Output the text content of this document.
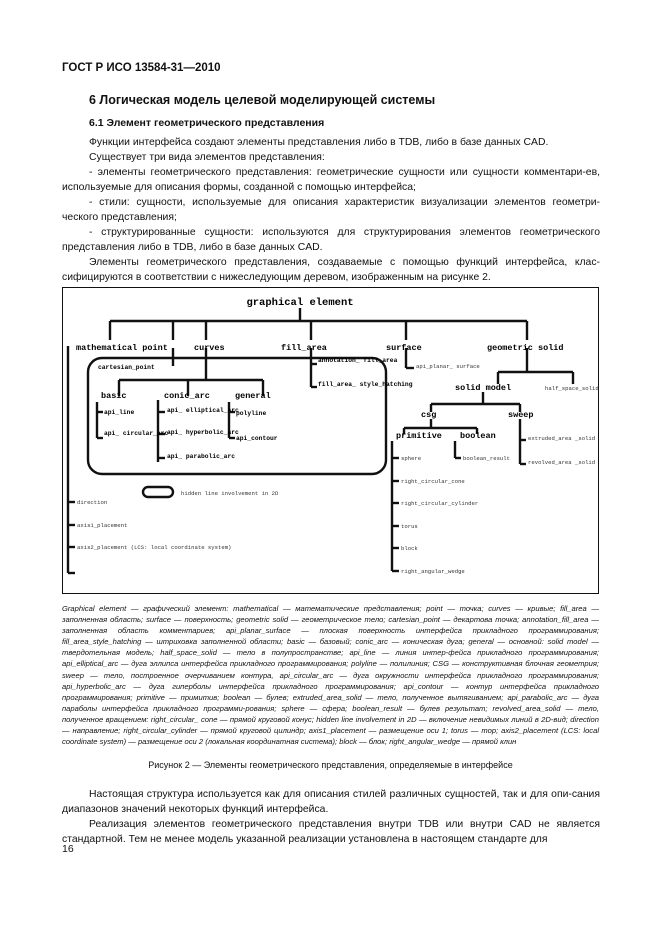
ГОСТ Р ИСО 13584-31—2010
6 Логическая модель целевой моделирующей системы
6.1 Элемент геометрического представления

Функции интерфейса создают элементы представления либо в TDB, либо в базе данных CAD.

Существует три вида элементов представления:

- элементы геометрического представления: геометрические сущности или сущности комментари-ев, используемые для описания формы, созданной с помощью интерфейса;

- стили: сущности, используемые для описания характеристик визуализации элементов геометри-ческого представления;

- структурированные сущности: используются для структурирования элементов геометрического представления либо в TDB, либо в базе данных CAD.

Элементы геометрического представления, создаваемые с помощью функций интерфейса, клас-сифицируются в соответствии с нижеследующим деревом, изображенным на рисунке 2.

graphical element
mathematical point	curves	fill_area	surface	geometric solid
cartesian_point
basic	conic_arc	general
api_line
api_ circular_arc
api_ elliptical_arc
api_ hyperbolic_arc
api_ parabolic_arc
polyline
api_contour
annotation_ fill_area
fill_area_ style_hatching
api_planar_ surface
solid model	half_space_solid
csg	sweep
primitive boolean
boolean_result
extruded_area _solid
revolved_area _solid
sphere
right_circular_cone
right_circular_cylinder
torus
block
right_angular_wedge
direction
axis1_placement
axis2_placement (LCS: local coordinate system)
hidden line involvement in 2D
Graphical element — графический элемент: mathematical — математические представления; point — точка; curves — кривые; fill_area — заполненная область; surface — поверхность; geometric solid — геометрическое тело; cartesian_point — декартова точка; annotation_fill_area — заполненная область комментариев; api_planar_surface — плоская поверхность интерфейса прикладного программирования; fill_area_style_hatching — штриховка заполненной области; basic — базовый; conic_arc — коническая дуга; general — основной: solid model — твердотельная модель; half_space_solid — тело в полупространстве; api_line — линия интер-фейса прикладного программирования; api_elliptical_arc — дуга эллипса интерфейса прикладного программирования; polyline — полилиния; CSG — конструктивная блочная геометрия; sweep — тело, построенное очерчиванием контура, api_circular_arc — дуга окружности интерфейса прикладного программирования; api_hyperbolic_arc — дуга гиперболы интерфейса прикладного программирования; api_contour — контур интерфейса прикладного программирования; primitive — примитив; boolean — булев; extruded_area_solid — тело, полученное вытягиванием; api_parabolic_arc — дуга параболы интерфейса прикладного программи-рования; sphere — сфера; boolean_result — булев результат; revolved_area_solid — тело, полученное вращением: right_circular_ cone — прямой круговой конус; hidden line involvement in 2D — включение невидимых линий в 2D-вид; direction — направление; right_circular_cylinder — прямой круговой цилиндр; axis1_placement — размещение оси 1; torus — тор; axis2_placement (LCS: local coordinate system) — размещение оси 2 (локальная координатная система); block — блок; right_angular_wedge — прямой клин
Рисунок 2 — Элементы геометрического представления, определяемые в интерфейсе

Настоящая структура используется как для описания стилей различных сущностей, так и для опи-сания диапазонов значений некоторых функций интерфейса.

Реализация элементов геометрического представления внутри TDB или внутри CAD не является стандартной. Тем не менее модель указанной реализации установлена в настоящем стандарте для

16
